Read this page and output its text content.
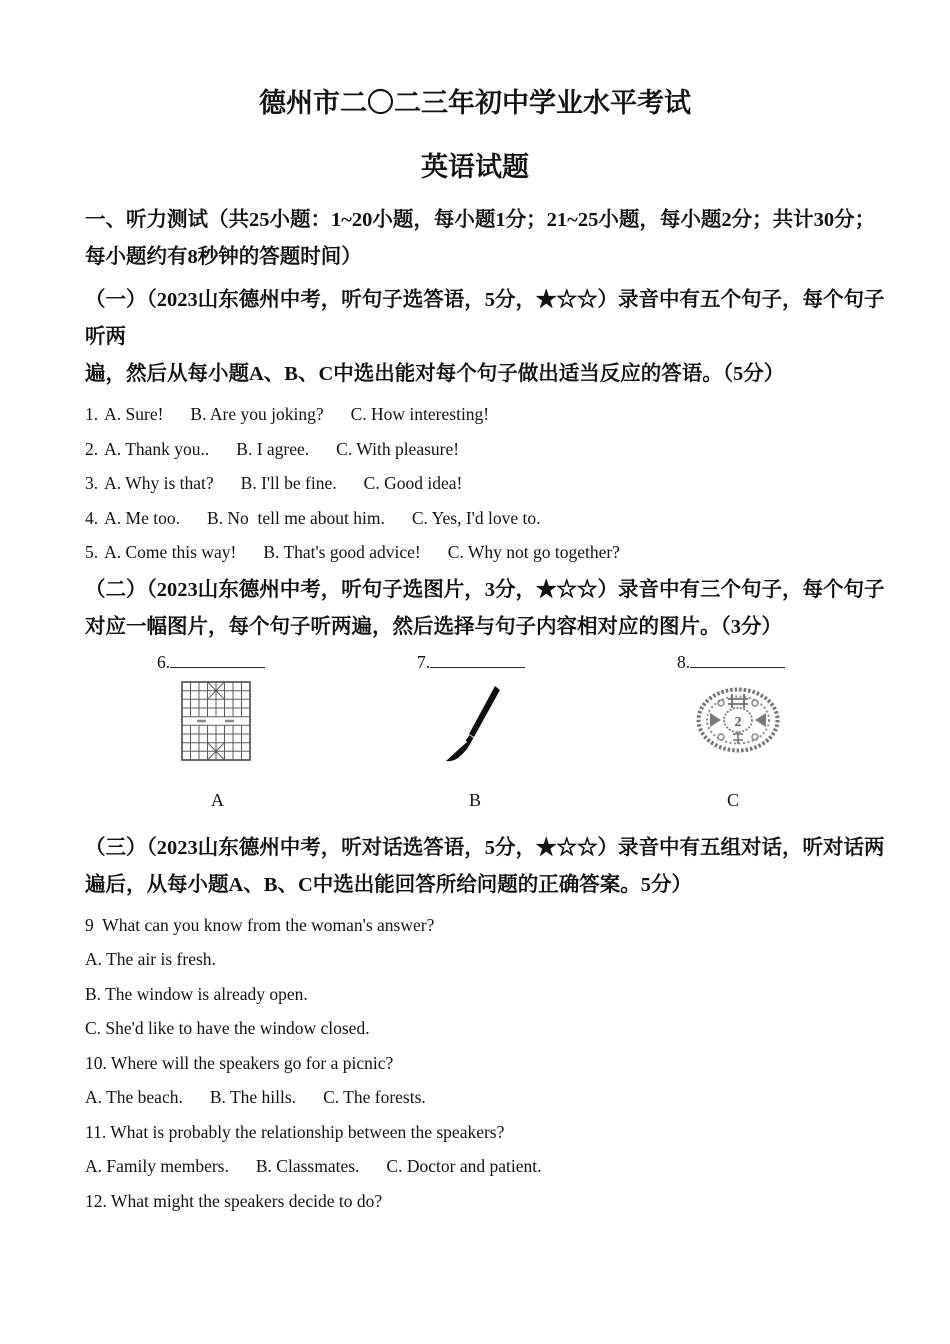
德州市二〇二三年初中学业水平考试
英语试题
一、听力测试（共25小题：1~20小题，每小题1分；21~25小题，每小题2分；共计30分；
每小题约有8秒钟的答题时间）
（一）（2023山东德州中考，听句子选答语，5分，★☆☆）录音中有五个句子，每个句子
听两
遍，然后从每小题A、B、C中选出能对每个句子做出适当反应的答语。（5分）
1. A. Sure! B. Are you joking? C. How interesting!
2. A. Thank you.. B. I agree. C. With pleasure!
3. A. Why is that? B. I'll be fine. C. Good idea!
4. A. Me too. B. No  tell me about him. C. Yes, I'd love to.
5. A. Come this way! B. That's good advice! C. Why not go together?
（二）（2023山东德州中考，听句子选图片，3分，★☆☆）录音中有三个句子，每个句子
对应一幅图片，每个句子听两遍，然后选择与句子内容相对应的图片。（3分）
6.	7.	8.
2
A	B	C
（三）（2023山东德州中考，听对话选答语，5分，★☆☆）录音中有五组对话，听对话两
遍后，从每小题A、B、C中选出能回答所给问题的正确答案。5分）
9  What can you know from the woman's answer?
A. The air is fresh.
B. The window is already open.
C. She'd like to have the window closed.
10. Where will the speakers go for a picnic?
A. The beach. B. The hills. C. The forests.
11. What is probably the relationship between the speakers?
A. Family members. B. Classmates. C. Doctor and patient.
12. What might the speakers decide to do?
